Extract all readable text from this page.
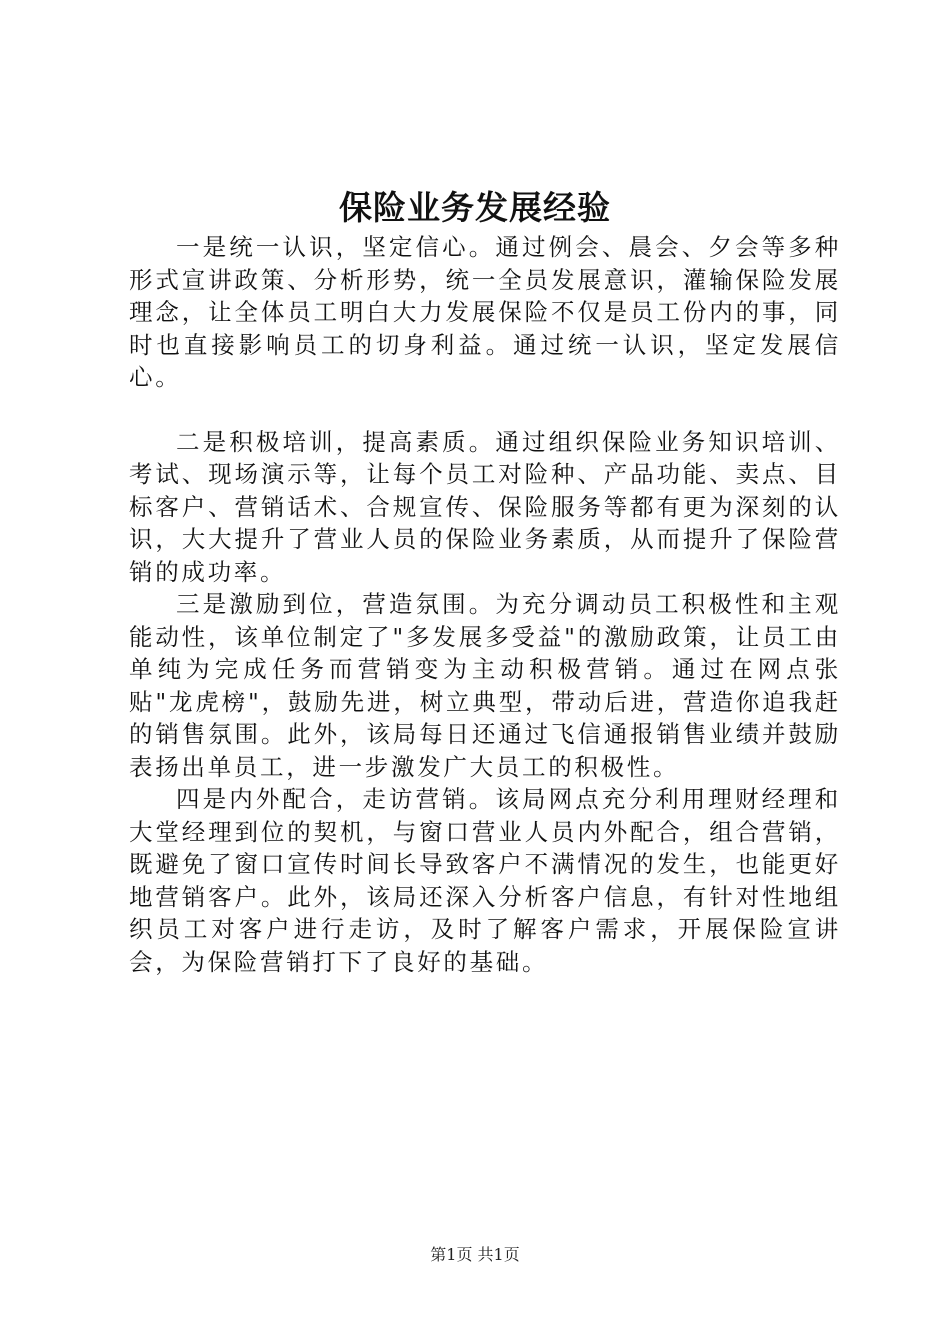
保险业务发展经验

一是统一认识，坚定信心。通过例会、晨会、夕会等多种形式宣讲政策、分析形势，统一全员发展意识，灌输保险发展理念，让全体员工明白大力发展保险不仅是员工份内的事，同时也直接影响员工的切身利益。通过统一认识，坚定发展信心。

二是积极培训，提高素质。通过组织保险业务知识培训、考试、现场演示等，让每个员工对险种、产品功能、卖点、目标客户、营销话术、合规宣传、保险服务等都有更为深刻的认识，大大提升了营业人员的保险业务素质，从而提升了保险营销的成功率。

三是激励到位，营造氛围。为充分调动员工积极性和主观能动性，该单位制定了"多发展多受益"的激励政策，让员工由单纯为完成任务而营销变为主动积极营销。通过在网点张贴"龙虎榜"，鼓励先进，树立典型，带动后进，营造你追我赶的销售氛围。此外，该局每日还通过飞信通报销售业绩并鼓励表扬出单员工，进一步激发广大员工的积极性。

四是内外配合，走访营销。该局网点充分利用理财经理和大堂经理到位的契机，与窗口营业人员内外配合，组合营销，既避免了窗口宣传时间长导致客户不满情况的发生，也能更好地营销客户。此外，该局还深入分析客户信息，有针对性地组织员工对客户进行走访，及时了解客户需求，开展保险宣讲会，为保险营销打下了良好的基础。

第1页 共1页
